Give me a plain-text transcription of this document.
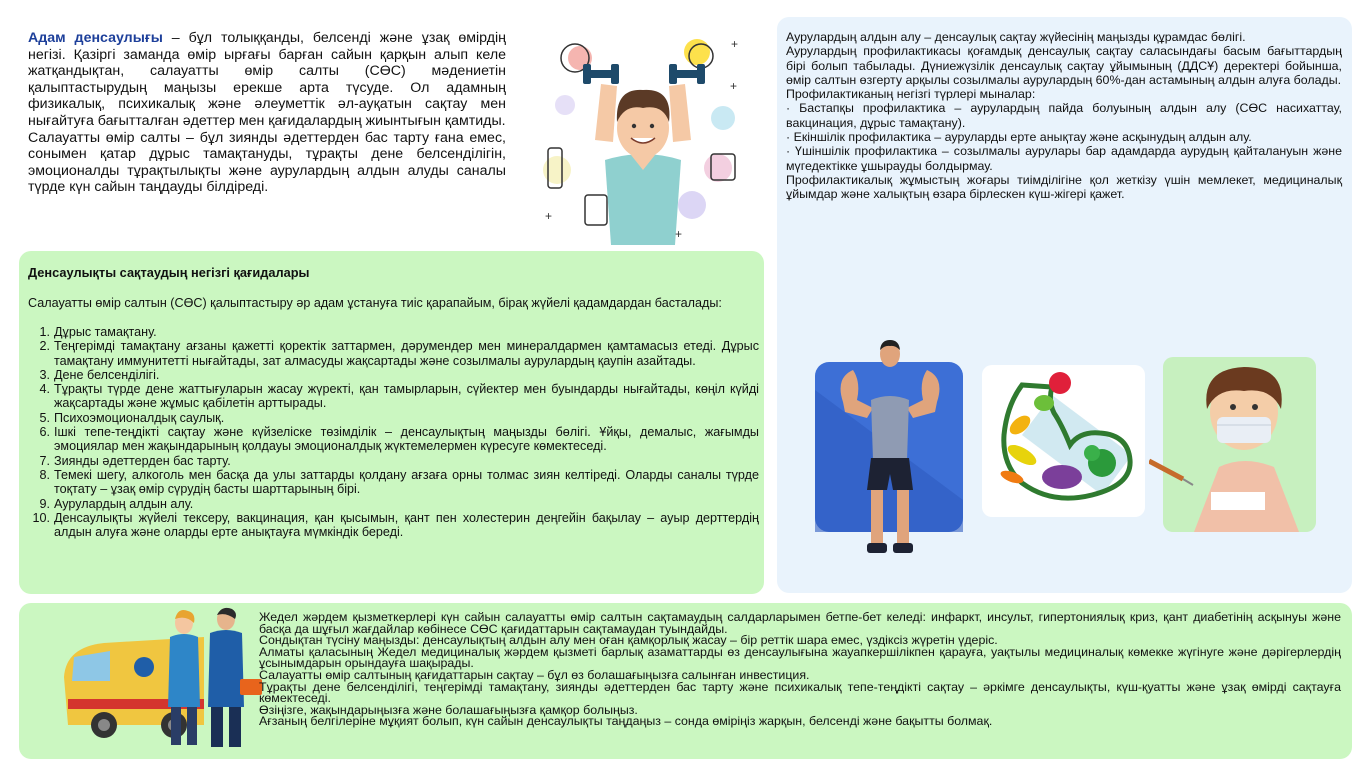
Адам денсаулығы – бұл толыққанды, белсенді және ұзақ өмірдің негізі. Қазіргі заманда өмір ырғағы барған сайын қарқын алып келе жатқандықтан, салауатты өмір салты (СӨС) мәдениетін қалыптастырудың маңызы ерекше арта түсуде. Ол адамның физикалық, психикалық және әлеуметтік әл-ауқатын сақтау мен нығайтуға бағытталған әдеттер мен қағидалардың жиынтығын қамтиды.

Салауатты өмір салты – бұл зиянды әдеттерден бас тарту ғана емес, сонымен қатар дұрыс тамақтануды, тұрақты дене белсенділігін, эмоционалды тұрақтылықты және аурулардың алдын алуды саналы түрде күн сайын таңдауды білдіреді.

+
+
+
+
Денсаулықты сақтаудың негізгі қағидалары
Салауатты өмір салтын (СӨС) қалыптастыру әр адам ұстануға тиіс қарапайым, бірақ жүйелі қадамдардан басталады:
1. Дұрыс тамақтану.
2. Теңгерімді тамақтану ағзаны қажетті қоректік заттармен, дәрумендер мен минералдармен қамтамасыз етеді. Дұрыс тамақтану иммунитетті нығайтады, зат алмасуды жақсартады және созылмалы аурулардың қаупін азайтады.
3. Дене белсенділігі.
4. Тұрақты түрде дене жаттығуларын жасау жүректі, қан тамырларын, сүйектер мен буындарды нығайтады, көңіл күйді жақсартады және жұмыс қабілетін арттырады.
5. Психоэмоционалдық саулық.
6. Ішкі тепе-теңдікті сақтау және күйзеліске төзімділік – денсаулықтың маңызды бөлігі. Ұйқы, демалыс, жағымды эмоциялар мен жақындарының қолдауы эмоционалдық жүктемелермен күресуге көмектеседі.
7. Зиянды әдеттерден бас тарту.
8. Темекі шегу, алкоголь мен басқа да улы заттарды қолдану ағзаға орны толмас зиян келтіреді. Оларды саналы түрде тоқтату – ұзақ өмір сүрудің басты шарттарының бірі.
9. Аурулардың алдын алу.
10. Денсаулықты жүйелі тексеру, вакцинация, қан қысымын, қант пен холестерин деңгейін бақылау – ауыр дерттердің алдын алуға және оларды ерте анықтауға мүмкіндік береді.

Аурулардың алдын алу – денсаулық сақтау жүйесінің маңызды құрамдас бөлігі.

Аурулардың профилактикасы қоғамдық денсаулық сақтау саласындағы басым бағыттардың бірі болып табылады. Дүниежүзілік денсаулық сақтау ұйымының (ДДСҰ) деректері бойынша, өмір салтын өзгерту арқылы созылмалы аурулардың 60%-дан астамының алдын алуға болады.

Профилактиканың негізгі түрлері мыналар:

· Бастапқы профилактика – аурулардың пайда болуының алдын алу (СӨС насихаттау, вакцинация, дұрыс тамақтану).

· Екіншілік профилактика – ауруларды ерте анықтау және асқынудың алдын алу.

· Үшіншілік профилактика – созылмалы аурулары бар адамдарда аурудың қайталануын және мүгедектікке ұшырауды болдырмау.

Профилактикалық жұмыстың жоғары тиімділігіне қол жеткізу үшін мемлекет, медициналық ұйымдар және халықтың өзара бірлескен күш-жігері қажет.

Жедел жәрдем қызметкерлері күн сайын салауатты өмір салтын сақтамаудың салдарларымен бетпе-бет келеді: инфаркт, инсульт, гипертониялық криз, қант диабетінің асқынуы және басқа да шұғыл жағдайлар көбінесе СӨС қағидаттарын сақтамаудан туындайды.

Сондықтан түсіну маңызды: денсаулықтың алдын алу мен оған қамқорлық жасау – бір реттік шара емес, үздіксіз жүретін үдеріс.

Алматы қаласының Жедел медициналық жәрдем қызметі барлық азаматтарды өз денсаулығына жауапкершілікпен қарауға, уақтылы медициналық көмекке жүгінуге және дәрігерлердің ұсынымдарын орындауға шақырады.

Салауатты өмір салтының қағидаттарын сақтау – бұл өз болашағыңызға салынған инвестиция.

Тұрақты дене белсенділігі, теңгерімді тамақтану, зиянды әдеттерден бас тарту және психикалық тепе-теңдікті сақтау – әркімге денсаулықты, күш-қуатты және ұзақ өмірді сақтауға көмектеседі.

Өзіңізге, жақындарыңызға және болашағыңызға қамқор болыңыз.

Ағзаның белгілеріне мұқият болып, күн сайын денсаулықты таңдаңыз – сонда өміріңіз жарқын, белсенді және бақытты болмақ.
